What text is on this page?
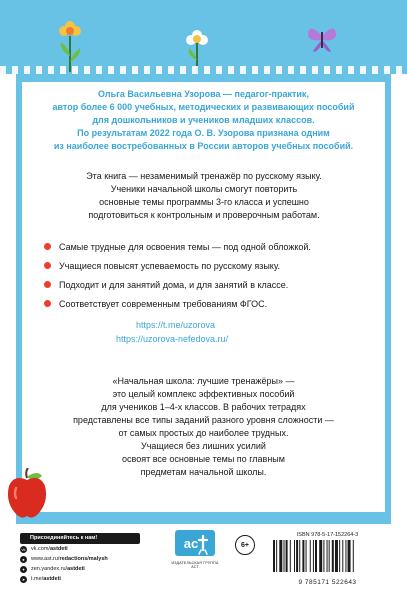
Ольга Васильевна Узорова — педагог-практик,

автор более 6 000 учебных, методических и развивающих пособий

для дошкольников и учеников младших классов.

По результатам 2022 года О. В. Узорова признана одним

из наиболее востребованных в России авторов учебных пособий.

Эта книга — незаменимый тренажёр по русскому языку.

Ученики начальной школы смогут повторить

основные темы программы 3-го класса и успешно

подготовиться к контрольным и проверочным работам.

Самые трудные для освоения темы — под одной обложкой.
Учащиеся повысят успеваемость по русскому языку.
Подходит и для занятий дома, и для занятий в классе.
Соответствует современным требованиям ФГОС.
https://t.me/uzorova
https://uzorova-nefedova.ru/

«Начальная школа: лучшие тренажёры» —

это целый комплекс эффективных пособий

для учеников 1–4-х классов. В рабочих тетрадях

представлены все типы заданий разного уровня сложности —

от самых простых до наиболее трудных.

Учащиеся без лишних усилий

освоят все основные темы по главным

предметам начальной школы.

Присоединяйтесь к нам!
vk vk.com/astdeti
●	www.ast.ru/redactions/malysh
✦	zen.yandex.ru/astdeti
➤	t.me/astdeti
ac
ИЗДАТЕЛЬСКАЯ ГРУППА АСТ
6+
ISBN 978-5-17-152264-3
9 785171 522643
